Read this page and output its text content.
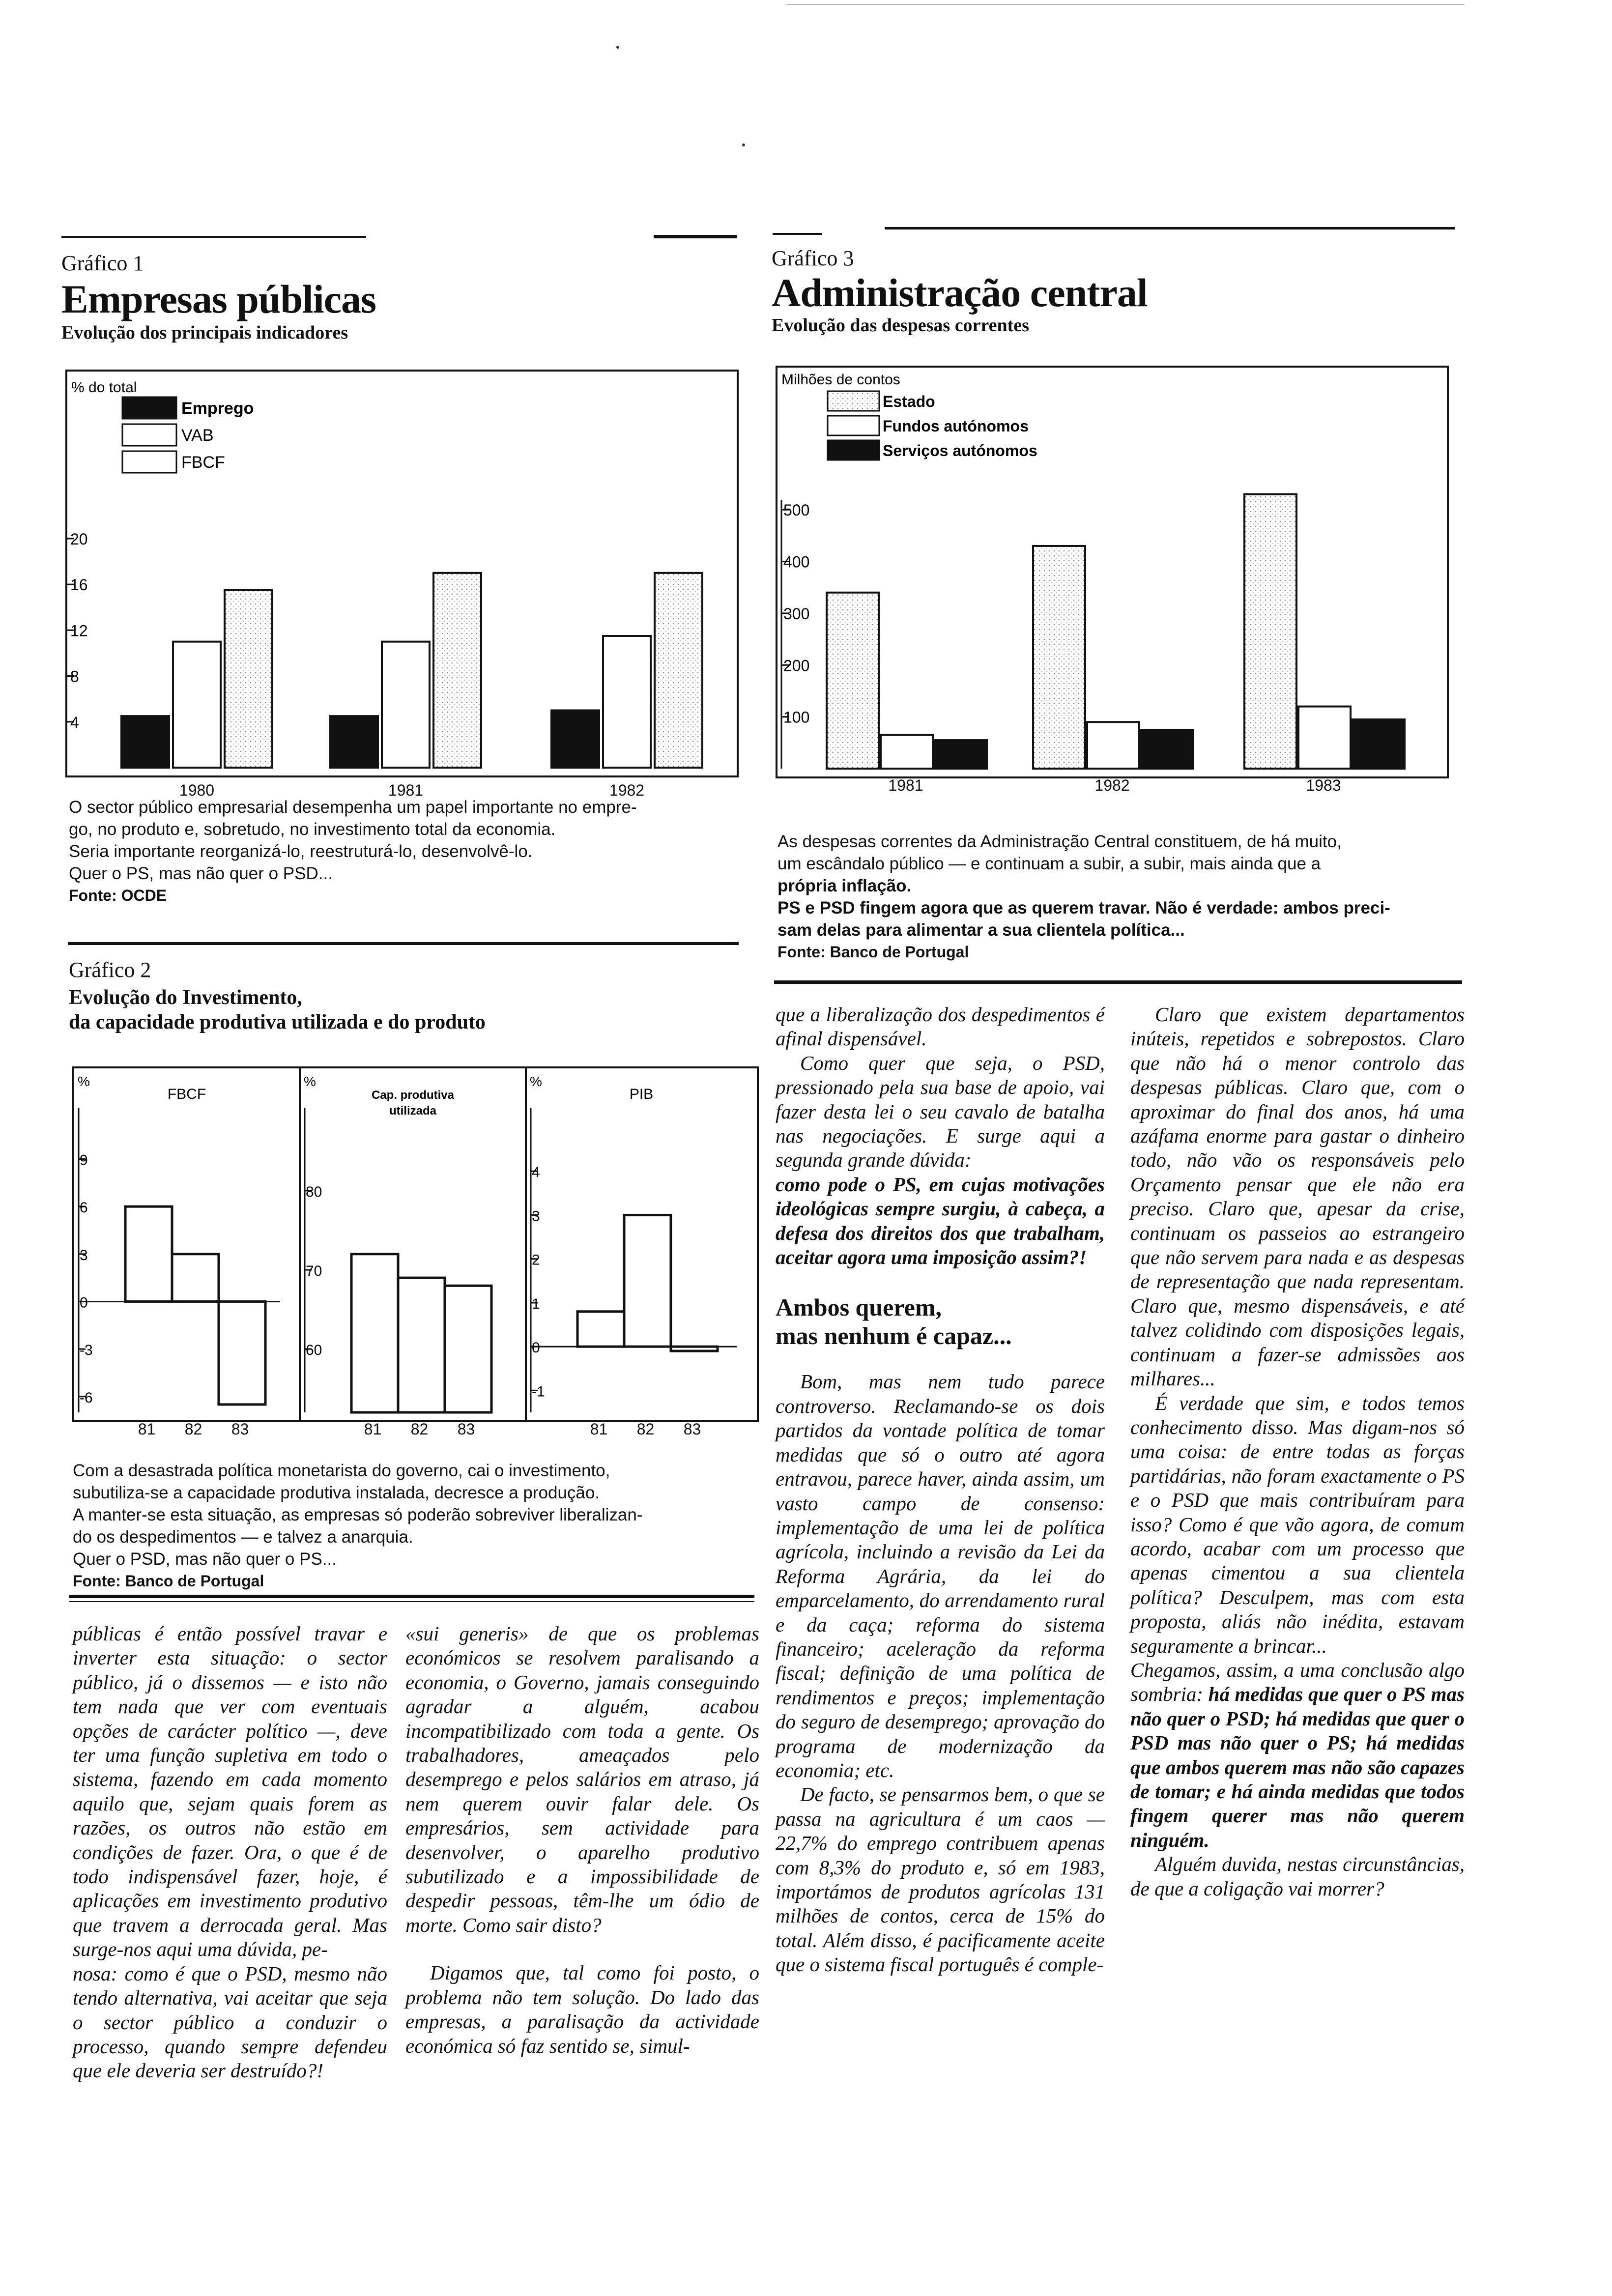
Gráfico 1
Empresas públicas
Evolução dos principais indicadores
% do total
20
16
12
8
4
Emprego
VAB
FBCF
1980	1981	1982
O sector público empresarial desempenha um papel importante no empre-
go, no produto e, sobretudo, no investimento total da economia.
Seria importante reorganizá-lo, reestruturá-lo, desenvolvê-lo.
Quer o PS, mas não quer o PSD...
Fonte: OCDE
Gráfico 2
Evolução do Investimento,
da capacidade produtiva utilizada e do produto
%
9
6
3
0
-3
-6
FBCF
%
80
70
60
Cap. produtiva
utilizada
%
4
3
2
1
0
-1
PIB
81	82	83	81	82	83	81	82	83
Com a desastrada política monetarista do governo, cai o investimento,
subutiliza-se a capacidade produtiva instalada, decresce a produção.
A manter-se esta situação, as empresas só poderão sobreviver liberalizan-
do os despedimentos — e talvez a anarquia.
Quer o PSD, mas não quer o PS...
Fonte: Banco de Portugal
Gráfico 3
Administração central
Evolução das despesas correntes
Milhões de contos
500
400
300
200
100
Estado
Fundos autónomos
Serviços autónomos
1981	1982	1983
As despesas correntes da Administração Central constituem, de há muito,
um escândalo público — e continuam a subir, a subir, mais ainda que a
própria inflação.
PS e PSD fingem agora que as querem travar. Não é verdade: ambos preci-
sam delas para alimentar a sua clientela política...
Fonte: Banco de Portugal

públicas é então possível travar e inverter esta situação: o sector público, já o dissemos — e isto não tem nada que ver com eventuais opções de carácter político —, deve ter uma função supletiva em todo o sistema, fazendo em cada momento aquilo que, sejam quais forem as razões, os outros não estão em condições de fazer. Ora, o que é de todo indispensável fazer, hoje, é aplicações em investimento produtivo que travem a derrocada geral. Mas surge-nos aqui uma dúvida, pe-

nosa: como é que o PSD, mesmo não tendo alternativa, vai aceitar que seja o sector público a conduzir o processo, quando sempre defendeu que ele deveria ser destruído?!

«sui generis» de que os problemas económicos se resolvem paralisando a economia, o Governo, jamais conseguindo agradar a alguém, acabou incompatibilizado com toda a gente. Os trabalhadores, ameaçados pelo desemprego e pelos salários em atraso, já nem querem ouvir falar dele. Os empresários, sem actividade para desenvolver, o aparelho produtivo subutilizado e a impossibilidade de despedir pessoas, têm-lhe um ódio de morte. Como sair disto?

Digamos que, tal como foi posto, o problema não tem solução. Do lado das empresas, a paralisação da actividade económica só faz sentido se, simul-

que a liberalização dos despedimentos é afinal dispensável.

Como quer que seja, o PSD, pressionado pela sua base de apoio, vai fazer desta lei o seu cavalo de batalha nas negociações. E surge aqui a segunda grande dúvida:

como pode o PS, em cujas motivações ideológicas sempre surgiu, à cabeça, a defesa dos direitos dos que trabalham, aceitar agora uma imposição assim?!

Ambos querem,
mas nenhum é capaz...

Bom, mas nem tudo parece controverso. Reclamando-se os dois partidos da vontade política de tomar medidas que só o outro até agora entravou, parece haver, ainda assim, um vasto campo de consenso: implementação de uma lei de política agrícola, incluindo a revisão da Lei da Reforma Agrária, da lei do emparcelamento, do arrendamento rural e da caça; reforma do sistema financeiro; aceleração da reforma fiscal; definição de uma política de rendimentos e preços; implementação do seguro de desemprego; aprovação do programa de modernização da economia; etc.

De facto, se pensarmos bem, o que se passa na agricultura é um caos — 22,7% do emprego contribuem apenas com 8,3% do produto e, só em 1983, importámos de produtos agrícolas 131 milhões de contos, cerca de 15% do total. Além disso, é pacificamente aceite que o sistema fiscal português é comple-

Claro que existem departamentos inúteis, repetidos e sobrepostos. Claro que não há o menor controlo das despesas públicas. Claro que, com o aproximar do final dos anos, há uma azáfama enorme para gastar o dinheiro todo, não vão os responsáveis pelo Orçamento pensar que ele não era preciso. Claro que, apesar da crise, continuam os passeios ao estrangeiro que não servem para nada e as despesas de representação que nada representam. Claro que, mesmo dispensáveis, e até talvez colidindo com disposições legais, continuam a fazer-se admissões aos milhares...

É verdade que sim, e todos temos conhecimento disso. Mas digam-nos só uma coisa: de entre todas as forças partidárias, não foram exactamente o PS e o PSD que mais contribuíram para isso? Como é que vão agora, de comum acordo, acabar com um processo que apenas cimentou a sua clientela política? Desculpem, mas com esta proposta, aliás não inédita, estavam seguramente a brincar...

Chegamos, assim, a uma conclusão algo sombria: há medidas que quer o PS mas não quer o PSD; há medidas que quer o PSD mas não quer o PS; há medidas que ambos querem mas não são capazes de tomar; e há ainda medidas que todos fingem querer mas não querem ninguém.

Alguém duvida, nestas circunstâncias, de que a coligação vai morrer?
